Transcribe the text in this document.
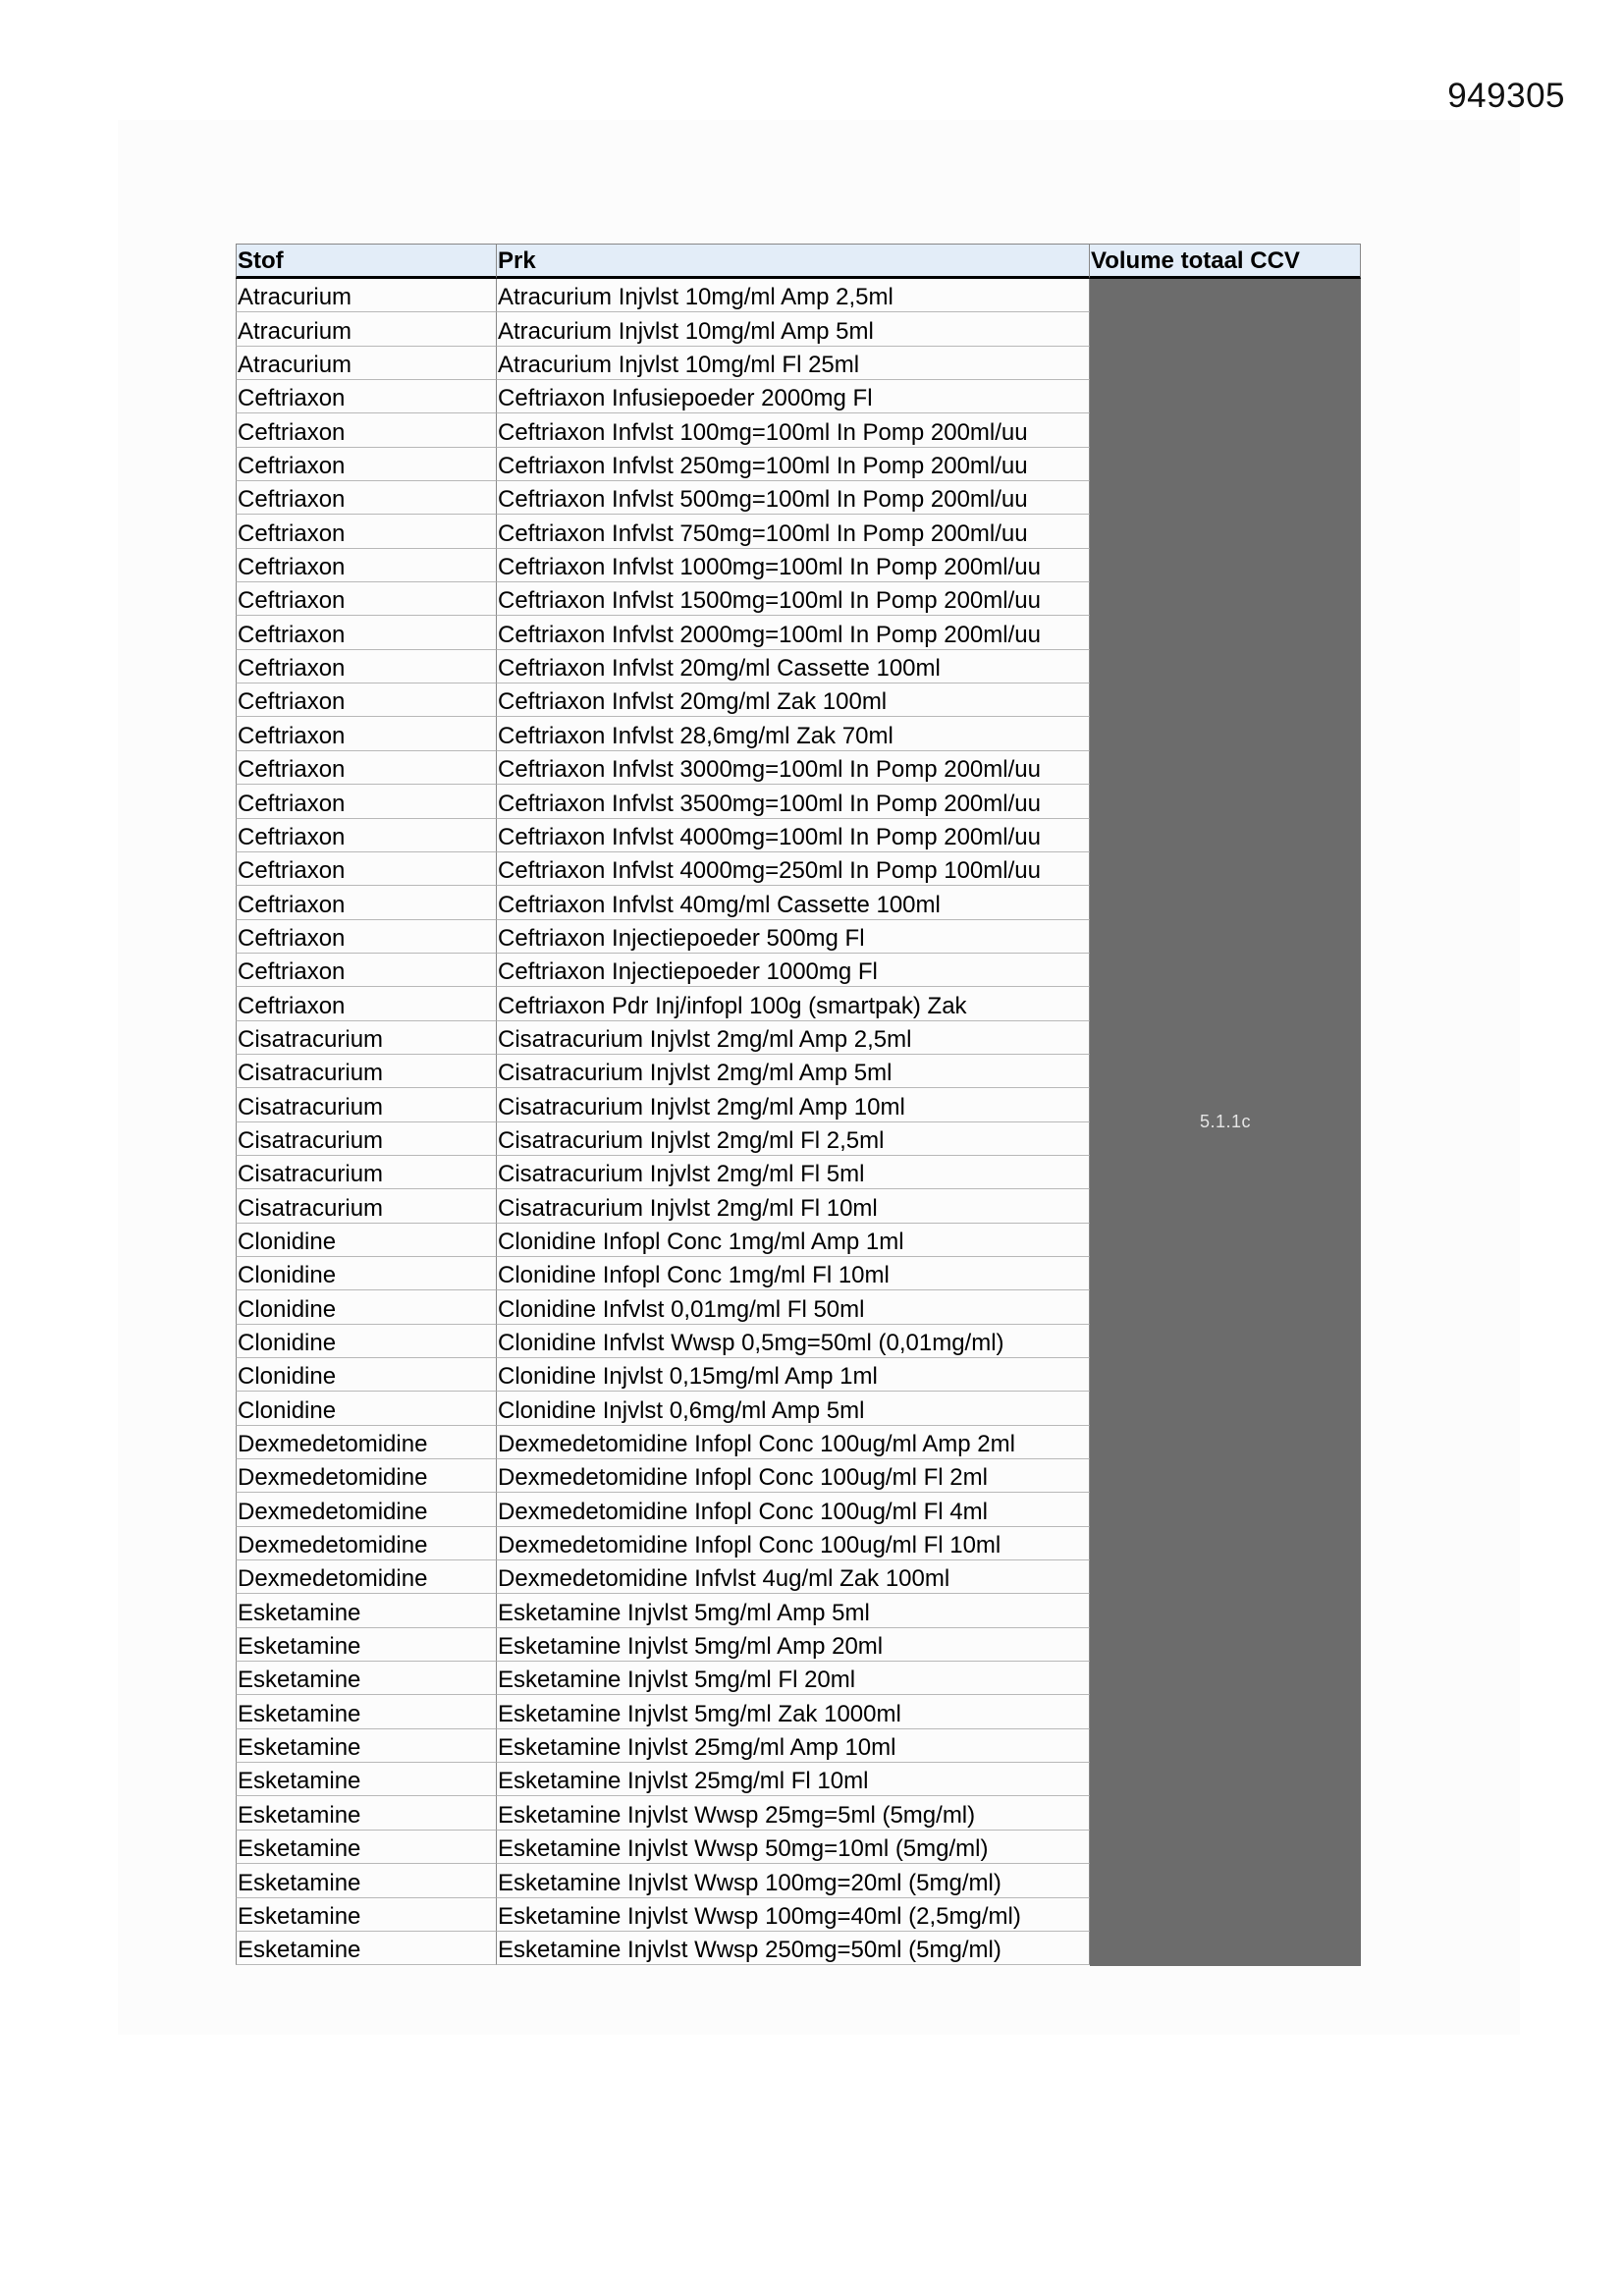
949305
Stof	Prk	Volume totaal CCV
Atracurium	Atracurium Injvlst 10mg/ml Amp 2,5ml
Atracurium	Atracurium Injvlst 10mg/ml Amp 5ml
Atracurium	Atracurium Injvlst 10mg/ml Fl 25ml
Ceftriaxon	Ceftriaxon Infusiepoeder 2000mg Fl
Ceftriaxon	Ceftriaxon Infvlst 100mg=100ml In Pomp 200ml/uu
Ceftriaxon	Ceftriaxon Infvlst 250mg=100ml In Pomp 200ml/uu
Ceftriaxon	Ceftriaxon Infvlst 500mg=100ml In Pomp 200ml/uu
Ceftriaxon	Ceftriaxon Infvlst 750mg=100ml In Pomp 200ml/uu
Ceftriaxon	Ceftriaxon Infvlst 1000mg=100ml In Pomp 200ml/uu
Ceftriaxon	Ceftriaxon Infvlst 1500mg=100ml In Pomp 200ml/uu
Ceftriaxon	Ceftriaxon Infvlst 2000mg=100ml In Pomp 200ml/uu
Ceftriaxon	Ceftriaxon Infvlst 20mg/ml Cassette 100ml
Ceftriaxon	Ceftriaxon Infvlst 20mg/ml Zak 100ml
Ceftriaxon	Ceftriaxon Infvlst 28,6mg/ml Zak 70ml
Ceftriaxon	Ceftriaxon Infvlst 3000mg=100ml In Pomp 200ml/uu
Ceftriaxon	Ceftriaxon Infvlst 3500mg=100ml In Pomp 200ml/uu
Ceftriaxon	Ceftriaxon Infvlst 4000mg=100ml In Pomp 200ml/uu
Ceftriaxon	Ceftriaxon Infvlst 4000mg=250ml In Pomp 100ml/uu
Ceftriaxon	Ceftriaxon Infvlst 40mg/ml Cassette 100ml
Ceftriaxon	Ceftriaxon Injectiepoeder 500mg Fl
Ceftriaxon	Ceftriaxon Injectiepoeder 1000mg Fl
Ceftriaxon	Ceftriaxon Pdr Inj/infopl 100g (smartpak) Zak
Cisatracurium	Cisatracurium Injvlst 2mg/ml Amp 2,5ml
Cisatracurium	Cisatracurium Injvlst 2mg/ml Amp 5ml
Cisatracurium	Cisatracurium Injvlst 2mg/ml Amp 10ml
Cisatracurium	Cisatracurium Injvlst 2mg/ml Fl 2,5ml
Cisatracurium	Cisatracurium Injvlst 2mg/ml Fl 5ml
Cisatracurium	Cisatracurium Injvlst 2mg/ml Fl 10ml
Clonidine	Clonidine Infopl Conc 1mg/ml Amp 1ml
Clonidine	Clonidine Infopl Conc 1mg/ml Fl 10ml
Clonidine	Clonidine Infvlst 0,01mg/ml Fl 50ml
Clonidine	Clonidine Infvlst Wwsp 0,5mg=50ml (0,01mg/ml)
Clonidine	Clonidine Injvlst 0,15mg/ml Amp 1ml
Clonidine	Clonidine Injvlst 0,6mg/ml Amp 5ml
Dexmedetomidine	Dexmedetomidine Infopl Conc 100ug/ml Amp 2ml
Dexmedetomidine	Dexmedetomidine Infopl Conc 100ug/ml Fl 2ml
Dexmedetomidine	Dexmedetomidine Infopl Conc 100ug/ml Fl 4ml
Dexmedetomidine	Dexmedetomidine Infopl Conc 100ug/ml Fl 10ml
Dexmedetomidine	Dexmedetomidine Infvlst 4ug/ml Zak 100ml
Esketamine	Esketamine Injvlst 5mg/ml Amp 5ml
Esketamine	Esketamine Injvlst 5mg/ml Amp 20ml
Esketamine	Esketamine Injvlst 5mg/ml Fl 20ml
Esketamine	Esketamine Injvlst 5mg/ml Zak 1000ml
Esketamine	Esketamine Injvlst 25mg/ml Amp 10ml
Esketamine	Esketamine Injvlst 25mg/ml Fl 10ml
Esketamine	Esketamine Injvlst Wwsp 25mg=5ml (5mg/ml)
Esketamine	Esketamine Injvlst Wwsp 50mg=10ml (5mg/ml)
Esketamine	Esketamine Injvlst Wwsp 100mg=20ml (5mg/ml)
Esketamine	Esketamine Injvlst Wwsp 100mg=40ml (2,5mg/ml)
Esketamine	Esketamine Injvlst Wwsp 250mg=50ml (5mg/ml)
5.1.1c
